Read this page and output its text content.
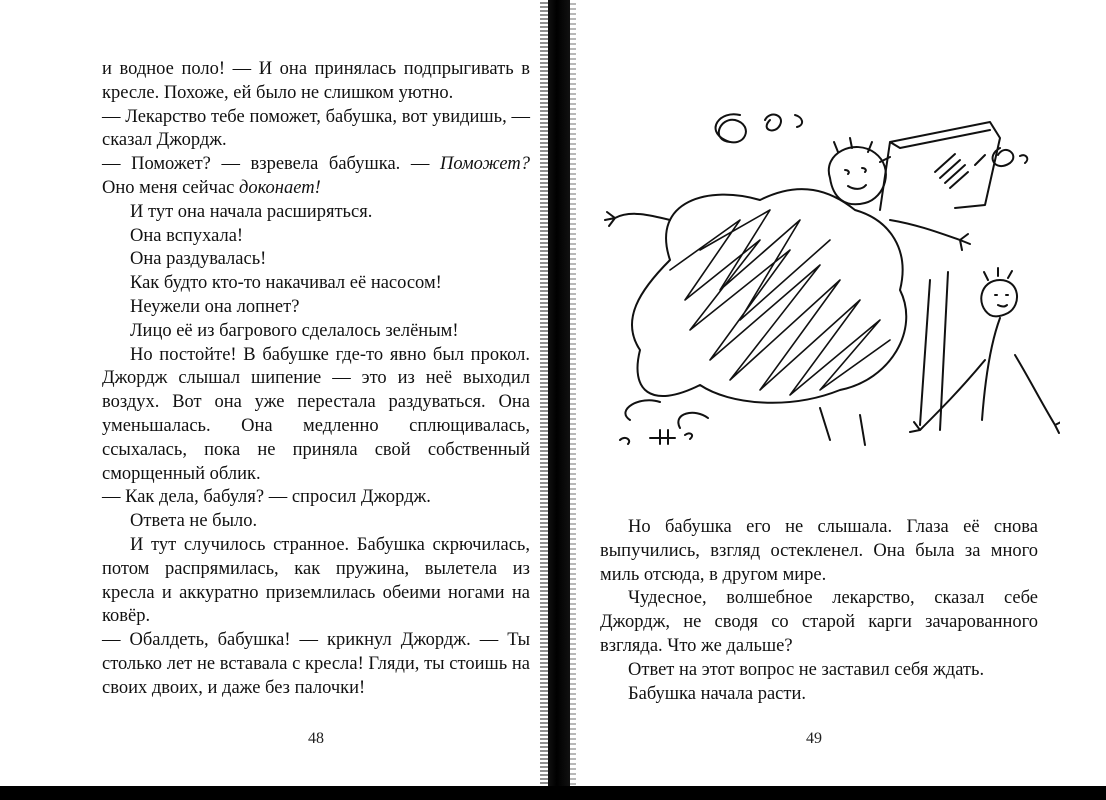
и водное поло! — И она принялась подпрыгивать в кресле. Похоже, ей было не слишком уютно.

— Лекарство тебе поможет, бабушка, вот увидишь, — сказал Джордж.

— Поможет? — взревела бабушка. — Поможет? Оно меня сейчас доконает!

И тут она начала расширяться.

Она вспухала!

Она раздувалась!

Как будто кто-то накачивал её насосом!

Неужели она лопнет?

Лицо её из багрового сделалось зелёным!

Но постойте! В бабушке где-то явно был прокол. Джордж слышал шипение — это из неё выходил воздух. Вот она уже перестала раздуваться. Она уменьшалась. Она медленно сплющивалась, ссыхалась, пока не приняла свой собственный сморщенный облик.

— Как дела, бабуля? — спросил Джордж.

Ответа не было.

И тут случилось странное. Бабушка скрючилась, потом распрямилась, как пружина, вылетела из кресла и аккуратно приземлилась обеими ногами на ковёр.

— Обалдеть, бабушка! — крикнул Джордж. — Ты столько лет не вставала с кресла! Гляди, ты стоишь на своих двоих, и даже без палочки!

48

Но бабушка его не слышала. Глаза её снова выпучились, взгляд остекленел. Она была за много миль отсюда, в другом мире.

Чудесное, волшебное лекарство, сказал себе Джордж, не сводя со старой карги зачарованного взгляда. Что же дальше?

Ответ на этот вопрос не заставил себя ждать.

Бабушка начала расти.

49
